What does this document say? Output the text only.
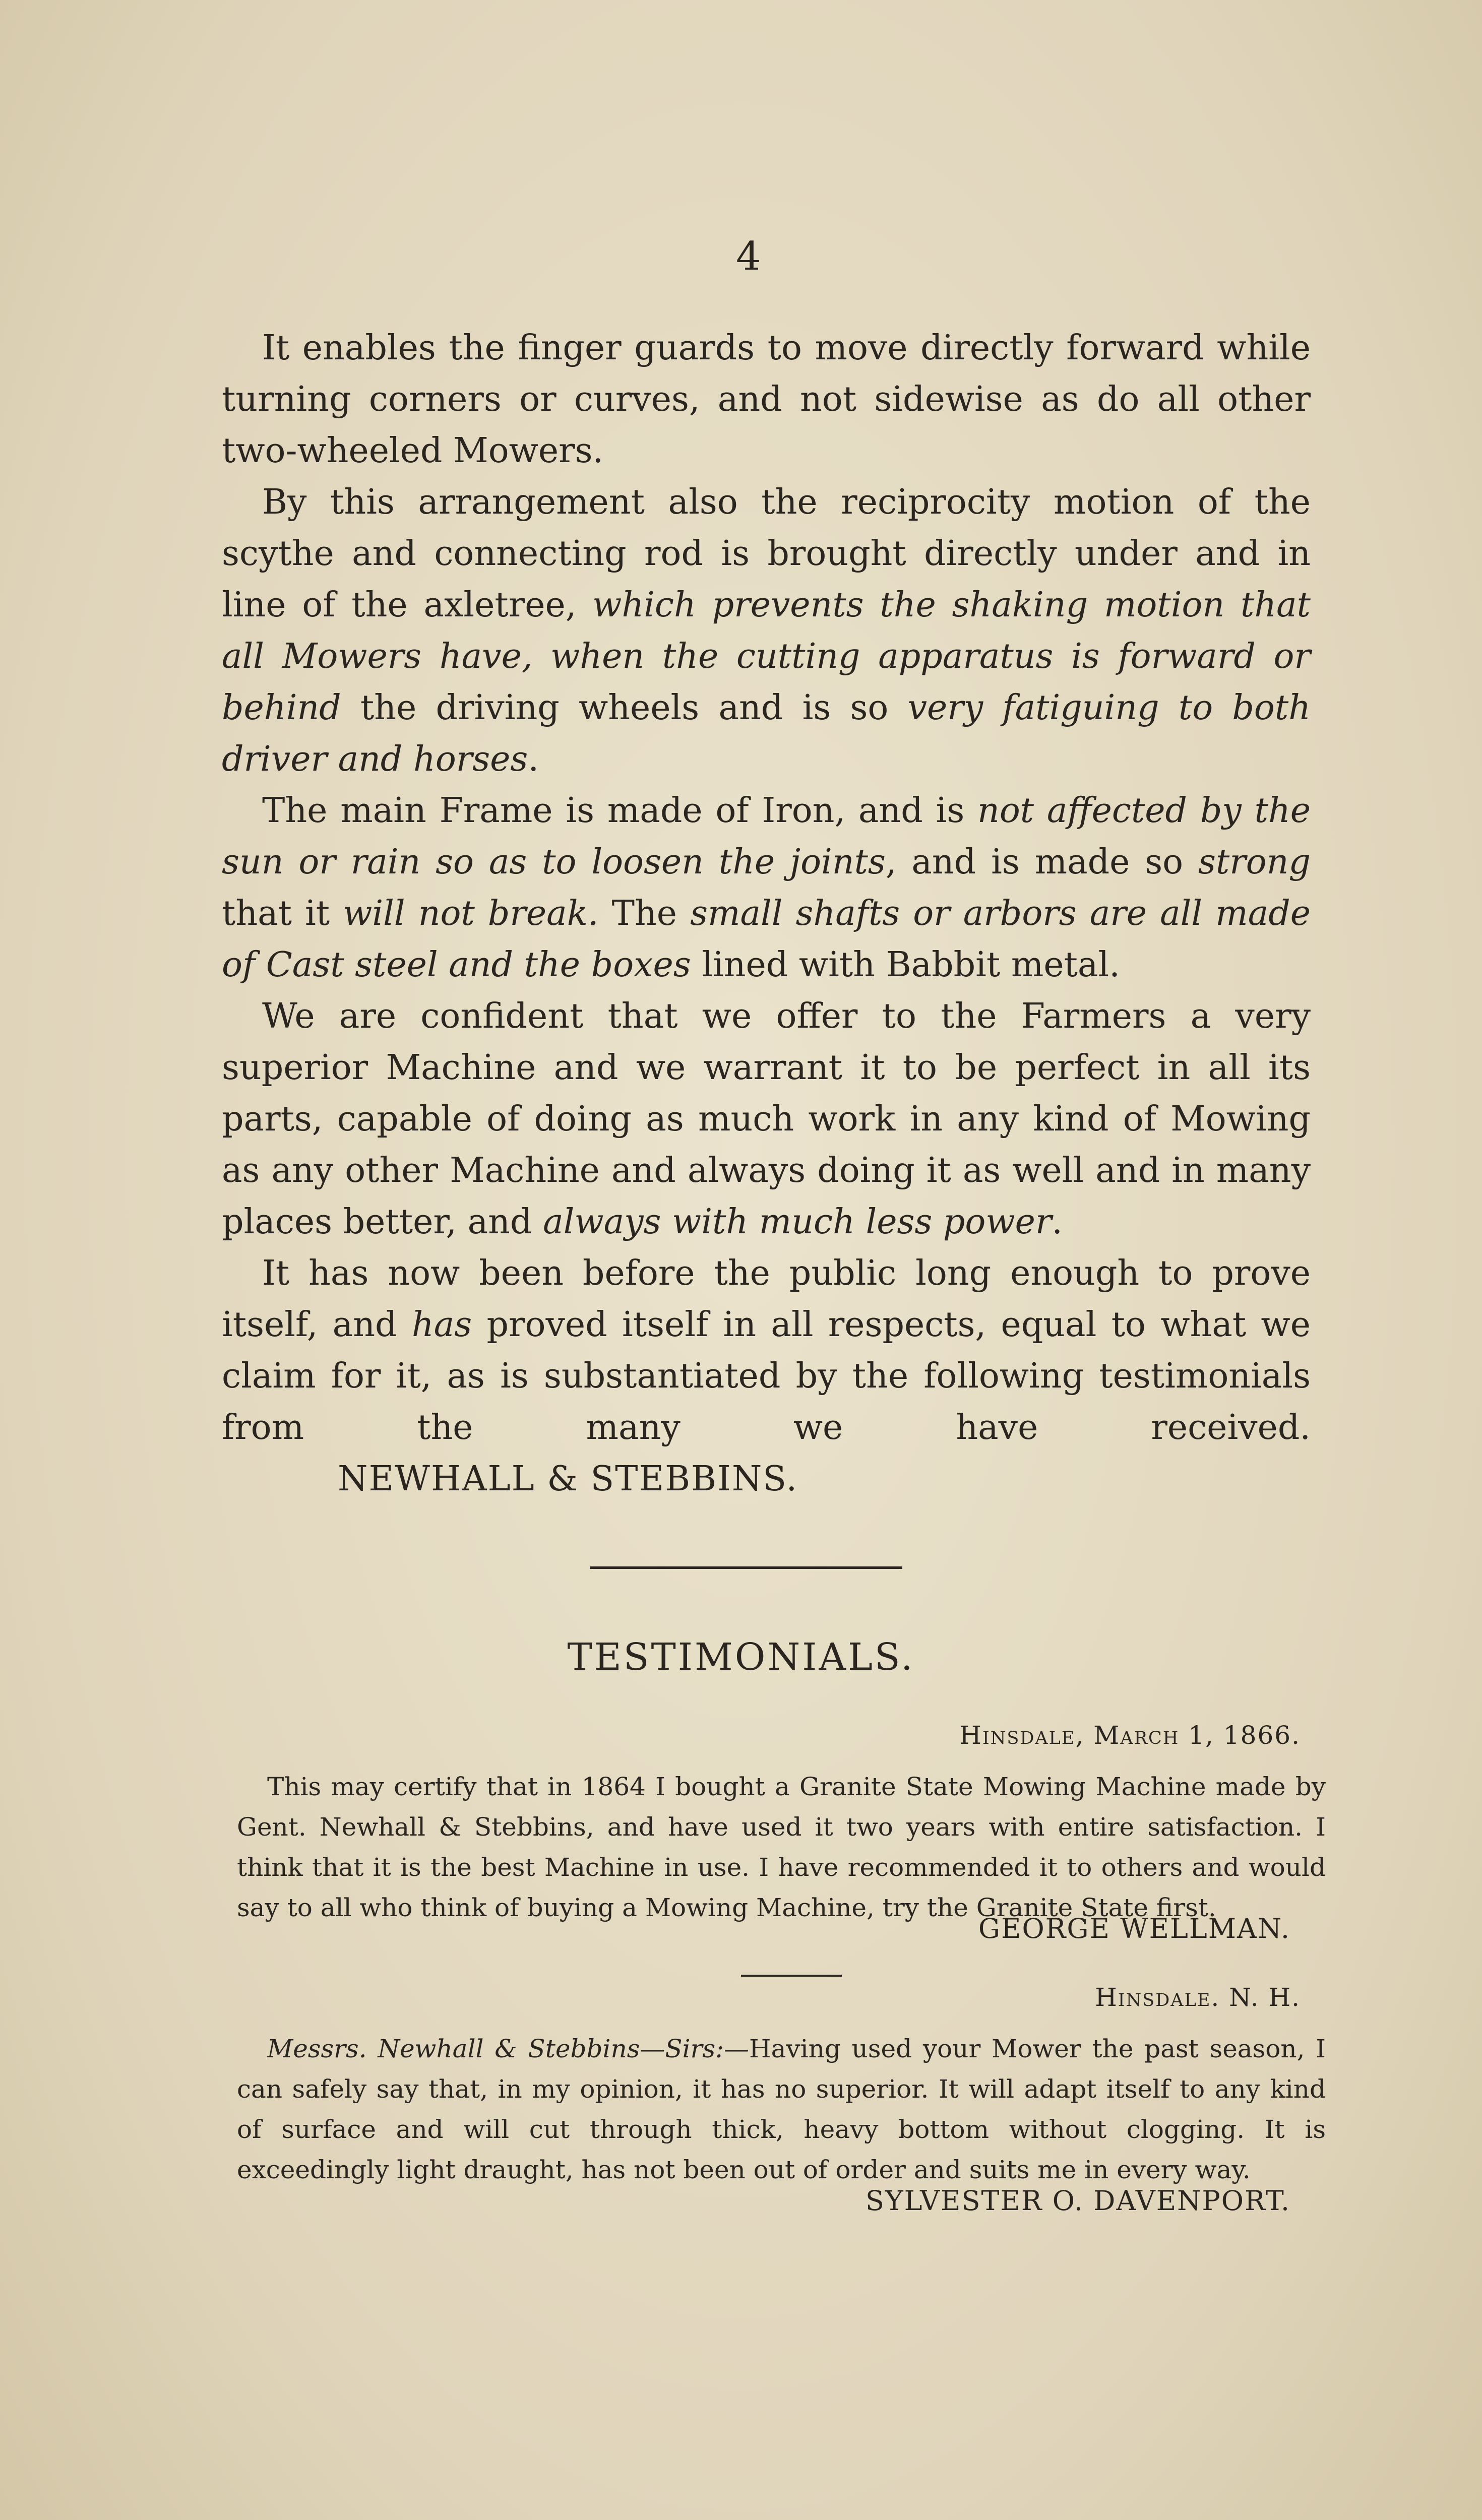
4

It enables the finger guards to move directly forward while turning corners or curves, and not sidewise as do all other two-wheeled Mowers.

By this arrangement also the reciprocity motion of the scythe and connecting rod is brought directly under and in line of the axletree, which prevents the shaking motion that all Mowers have, when the cutting apparatus is forward or behind the driving wheels and is so very fatiguing to both driver and horses.

The main Frame is made of Iron, and is not affected by the sun or rain so as to loosen the joints, and is made so strong that it will not break. The small shafts or arbors are all made of Cast steel and the boxes lined with Babbit metal.

We are confident that we offer to the Farmers a very superior Machine and we warrant it to be perfect in all its parts, capable of doing as much work in any kind of Mowing as any other Machine and always doing it as well and in many places better, and always with much less power.

It has now been before the public long enough to prove itself, and has proved itself in all respects, equal to what we claim for it, as is substantiated by the following testimonials from the many we have received.NEWHALL & STEBBINS.

TESTIMONIALS.
Hinsdale, March 1, 1866.

This may certify that in 1864 I bought a Granite State Mowing Machine made by Gent. Newhall & Stebbins, and have used it two years with entire satisfaction. I think that it is the best Machine in use. I have recommended it to others and would say to all who think of buying a Mowing Machine, try the Granite State first.

GEORGE WELLMAN.
Hinsdale. N. H.

Messrs. Newhall & Stebbins—Sirs:—Having used your Mower the past season, I can safely say that, in my opinion, it has no superior. It will adapt itself to any kind of surface and will cut through thick, heavy bottom without clogging. It is exceedingly light draught, has not been out of order and suits me in every way.

SYLVESTER O. DAVENPORT.
